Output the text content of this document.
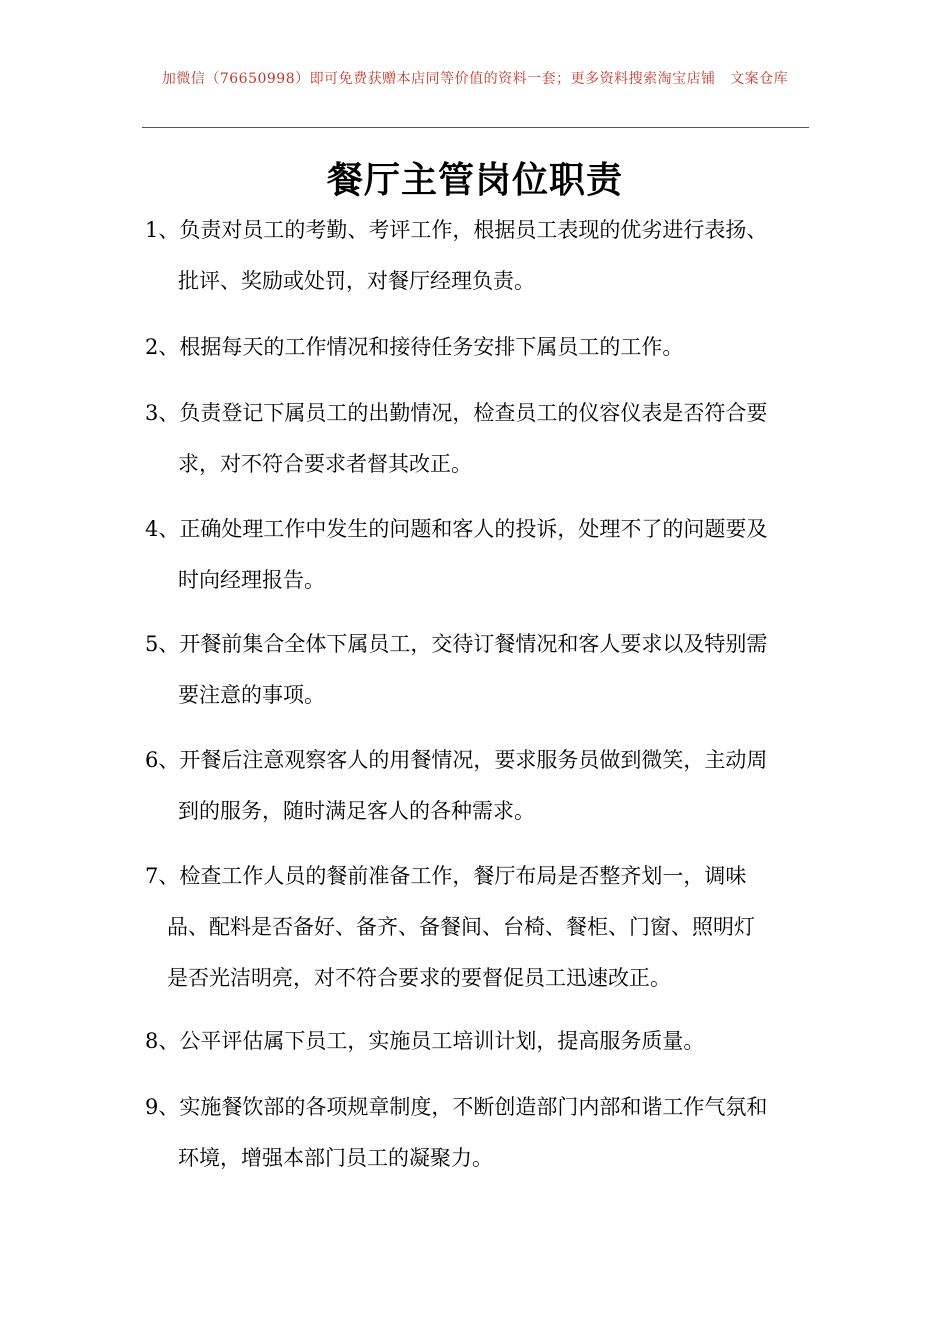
加微信（76650998）即可免费获赠本店同等价值的资料一套；更多资料搜索淘宝店铺　文案仓库
餐厅主管岗位职责
1、负责对员工的考勤、考评工作，根据员工表现的优劣进行表扬、
批评、奖励或处罚，对餐厅经理负责。
2、根据每天的工作情况和接待任务安排下属员工的工作。
3、负责登记下属员工的出勤情况，检查员工的仪容仪表是否符合要
求，对不符合要求者督其改正。
4、正确处理工作中发生的问题和客人的投诉，处理不了的问题要及
时向经理报告。
5、开餐前集合全体下属员工，交待订餐情况和客人要求以及特别需
要注意的事项。
6、开餐后注意观察客人的用餐情况，要求服务员做到微笑，主动周
到的服务，随时满足客人的各种需求。
7、检查工作人员的餐前准备工作，餐厅布局是否整齐划一，调味
品、配料是否备好、备齐、备餐间、台椅、餐柜、门窗、照明灯
是否光洁明亮，对不符合要求的要督促员工迅速改正。
8、公平评估属下员工，实施员工培训计划，提高服务质量。
9、实施餐饮部的各项规章制度，不断创造部门内部和谐工作气氛和
环境，增强本部门员工的凝聚力。
